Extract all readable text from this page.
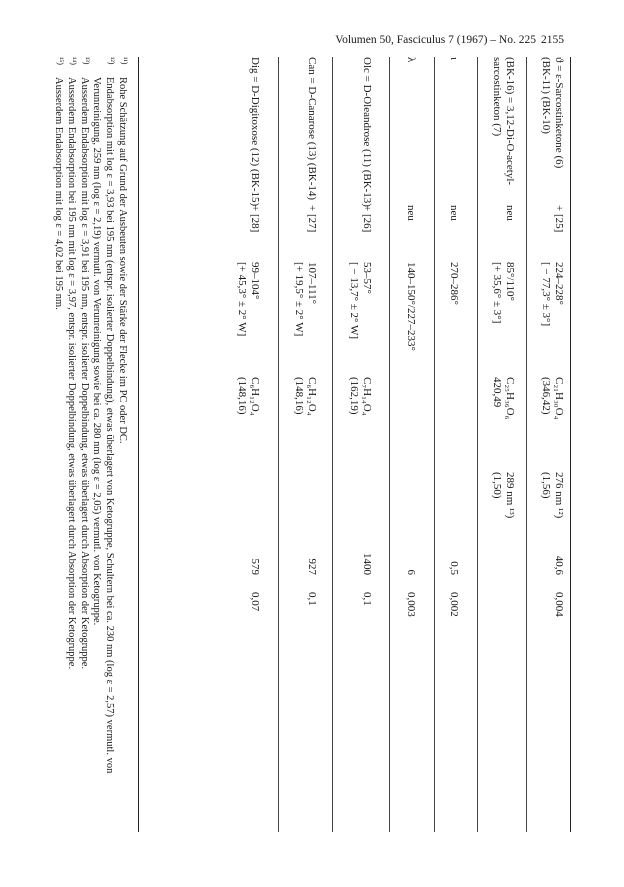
Volumen 50, Fasciculus 7 (1967) – No. 225 2155
ϑ = ε-Sarcostinketone (6)
(BK-11) (BK-10)
+ [25]
224–228°
[ − 77,3° ± 3°]
C₂₁H₃₀O₄
(346,42)
276 nm ¹²)
(1,56)
40,6
0,004
(BK-16) = 3,12-Di-O-acetyl-
sarcostinketon (7)
neu
85°/110°
[+ 35,6° ± 3°]
C₂₅H₃₆O₆
420,49
289 nm ¹³)
(1,50)
ι
neu
270–286°
0,5
0,002
λ
neu
140–150°/227–233°
6
0,003
Olc = D-Oleandrose (11) (BK-13)
+ [26]
53–57°
[ − 13,7° ± 2° W]
C₇H₁₄O₄
(162,19)
1400
0,1
Can = D-Canarose (13) (BK-14)
+ [27]
107–111°
[+ 19,5° ± 2° W]
C₆H₁₂O₄
(148,16)
927
0,1
Dig = D-Digitoxose (12) (BK-15)
+ [28]
99–104°
[+ 45,3° ± 2° W]
C₆H₁₂O₄
(148,16)
579
0,07
¹¹)
Rohe Schätzung auf Grund der Ausbeuten sowie der Stärke der Flecke im PC oder DC.
¹²)
Endabsorption mit log ε = 3,93 bei 195 nm (entspr. isolierter Doppelbindung), etwas überlagert von Ketogruppe, Schultern bei ca. 230 nm (log ε = 2,57) vermutl. von Verunreinigung, 259 nm (log ε = 2,19) vermutl. von Verunreinigung sowie bei ca. 280 nm (log ε = 2,05) vermutl. von Ketogruppe.
¹³)
Ausserdem Endabsorption mit log ε = 3,91 bei 195 nm, entspr. isolierter Doppelbindung, etwas überlagert durch Absorption der Ketogruppe.
¹⁴)
Ausserdem Endabsorption bei 195 nm mit log ε = 3,97, entspr. isolierter Doppelbindung, etwas überlagert durch Absorption der Ketogruppe.
¹⁵)
Ausserdem Endabsorption mit log ε = 4,02 bei 195 nm.
